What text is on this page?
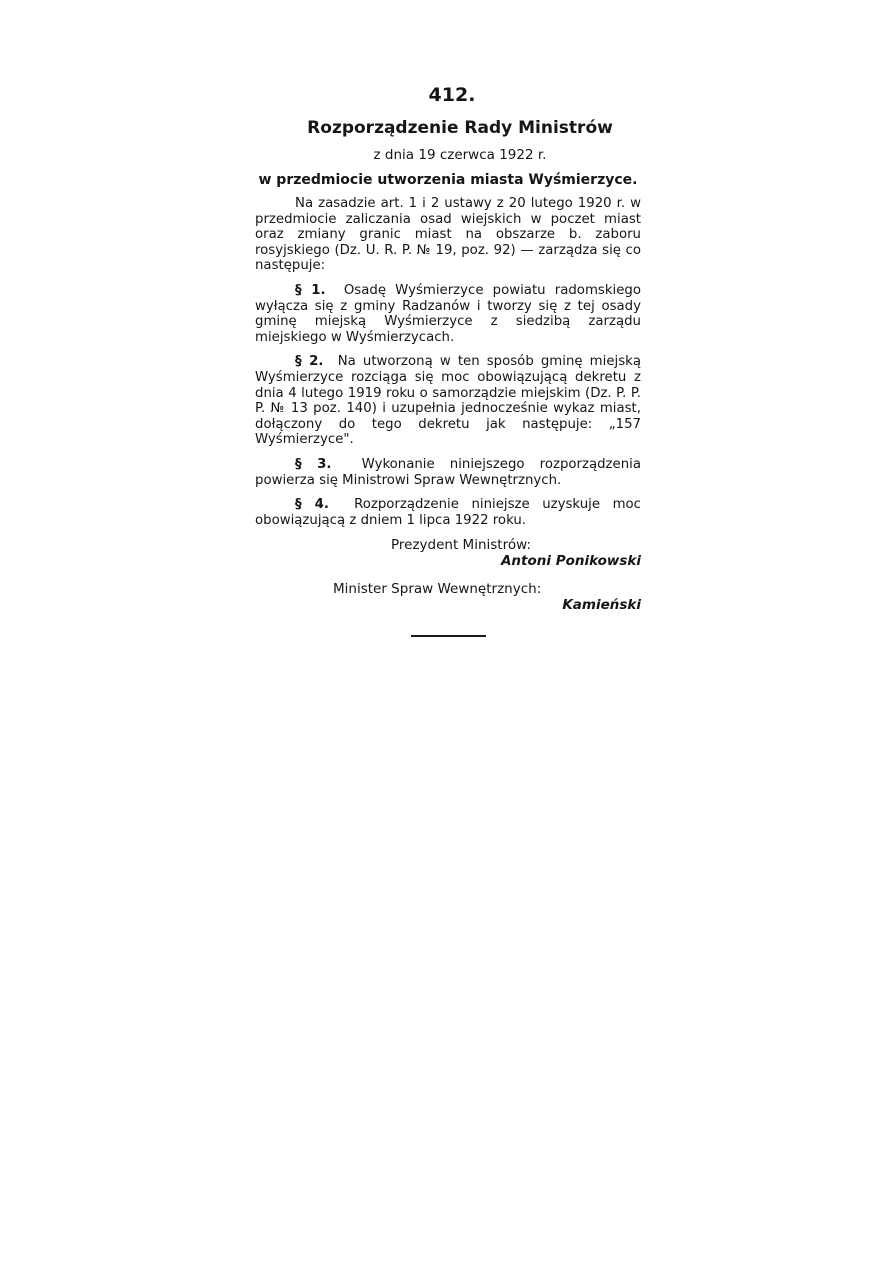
412.
Rozporządzenie Rady Ministrów
z dnia 19 czerwca 1922 r.
w przedmiocie utworzenia miasta Wyśmierzyce.

Na zasadzie art. 1 i 2 ustawy z 20 lutego 1920 r. w przedmiocie zaliczania osad wiejskich w poczet miast oraz zmiany granic miast na obszarze b. zaboru rosyjskiego (Dz. U. R. P. № 19, poz. 92) — zarządza się co następuje:

§ 1. Osadę Wyśmierzyce powiatu radomskiego wyłącza się z gminy Radzanów i tworzy się z tej osady gminę miejską Wyśmierzyce z siedzibą zarządu miejskiego w Wyśmierzycach.

§ 2. Na utworzoną w ten sposób gminę miejską Wyśmierzyce rozciąga się moc obowiązującą dekretu z dnia 4 lutego 1919 roku o samorządzie miejskim (Dz. P. P. P. № 13 poz. 140) i uzupełnia jednocześnie wykaz miast, dołączony do tego dekretu jak następuje: „157 Wyśmierzyce".

§ 3. Wykonanie niniejszego rozporządzenia powierza się Ministrowi Spraw Wewnętrznych.

§ 4. Rozporządzenie niniejsze uzyskuje moc obowiązującą z dniem 1 lipca 1922 roku.

Prezydent Ministrów:
Antoni Ponikowski
Minister Spraw Wewnętrznych:
Kamieński
